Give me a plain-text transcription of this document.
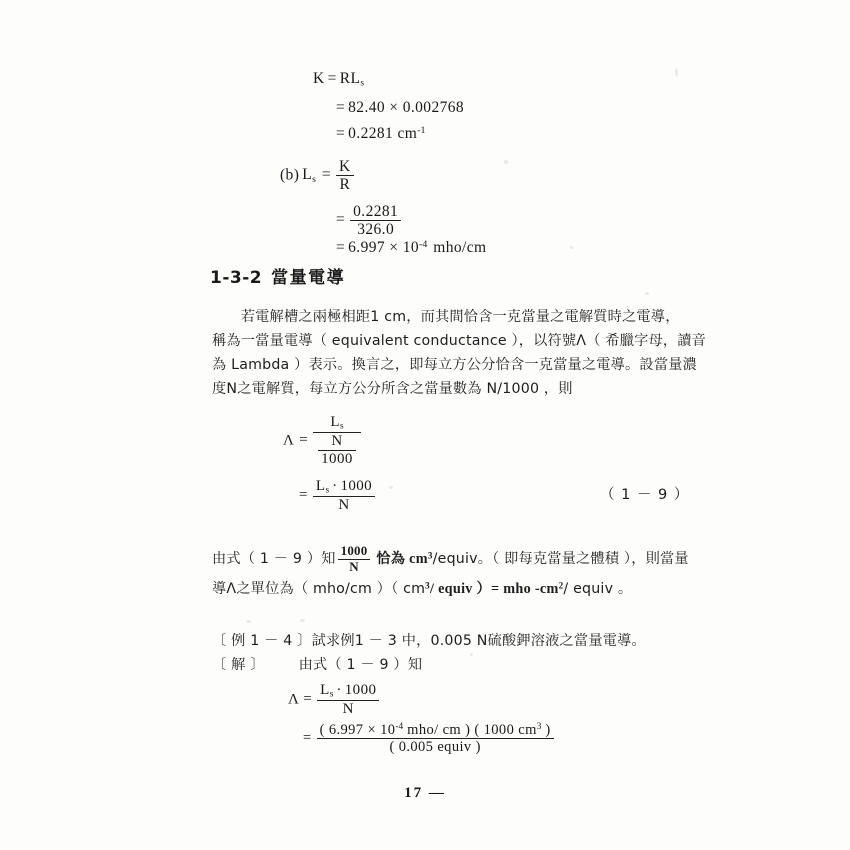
$K = RL_s$
= 82.40 × 0.002768
= 0.2281 $cm^{-1}$
(b) $L_s = \frac{K}{R}$
= $\frac{0.2281}{326.0}$
= $6.997 \times 10^{-4}$ mho/cm
1-3-2 當量電導
　　若電解槽之兩極相距1 cm，而其間恰含一克當量之電解質時之電導，
稱為一當量電導（ equivalent conductance ），以符號Λ（ 希臘字母，讀音
為 Lambda ）表示。換言之，即每立方公分恰含一克當量之電導。設當量濃
度N之電解質，每立方公分所含之當量數為 N/1000 ，則
$\Lambda = \frac{L_s}{\frac{N}{1000}}$
= $\frac{L_s \cdot 1000}{N}$	（ 1 － 9 ）
由式（ 1 － 9 ）知 $\frac{1000}{N}$ 恰為 $cm^3$/equiv。（ 即每克當量之體積 ），則當量
導Λ之單位為（ mho/cm ）（ $cm^3/$ equiv ）= mho $-cm^2/$ equiv 。
〔 例 1 － 4 〕試求例1 － 3 中，0.005 N硫酸鉀溶液之當量電導。
〔 解 〕 由式（ 1 － 9 ）知
$\Lambda = \frac{L_s \cdot 1000}{N}$
= $\frac{( 6.997 \times 10^{-4} mho/ cm ) ( 1000 cm^3 )}{\text{( 0.005 equiv )}}$
17 —
